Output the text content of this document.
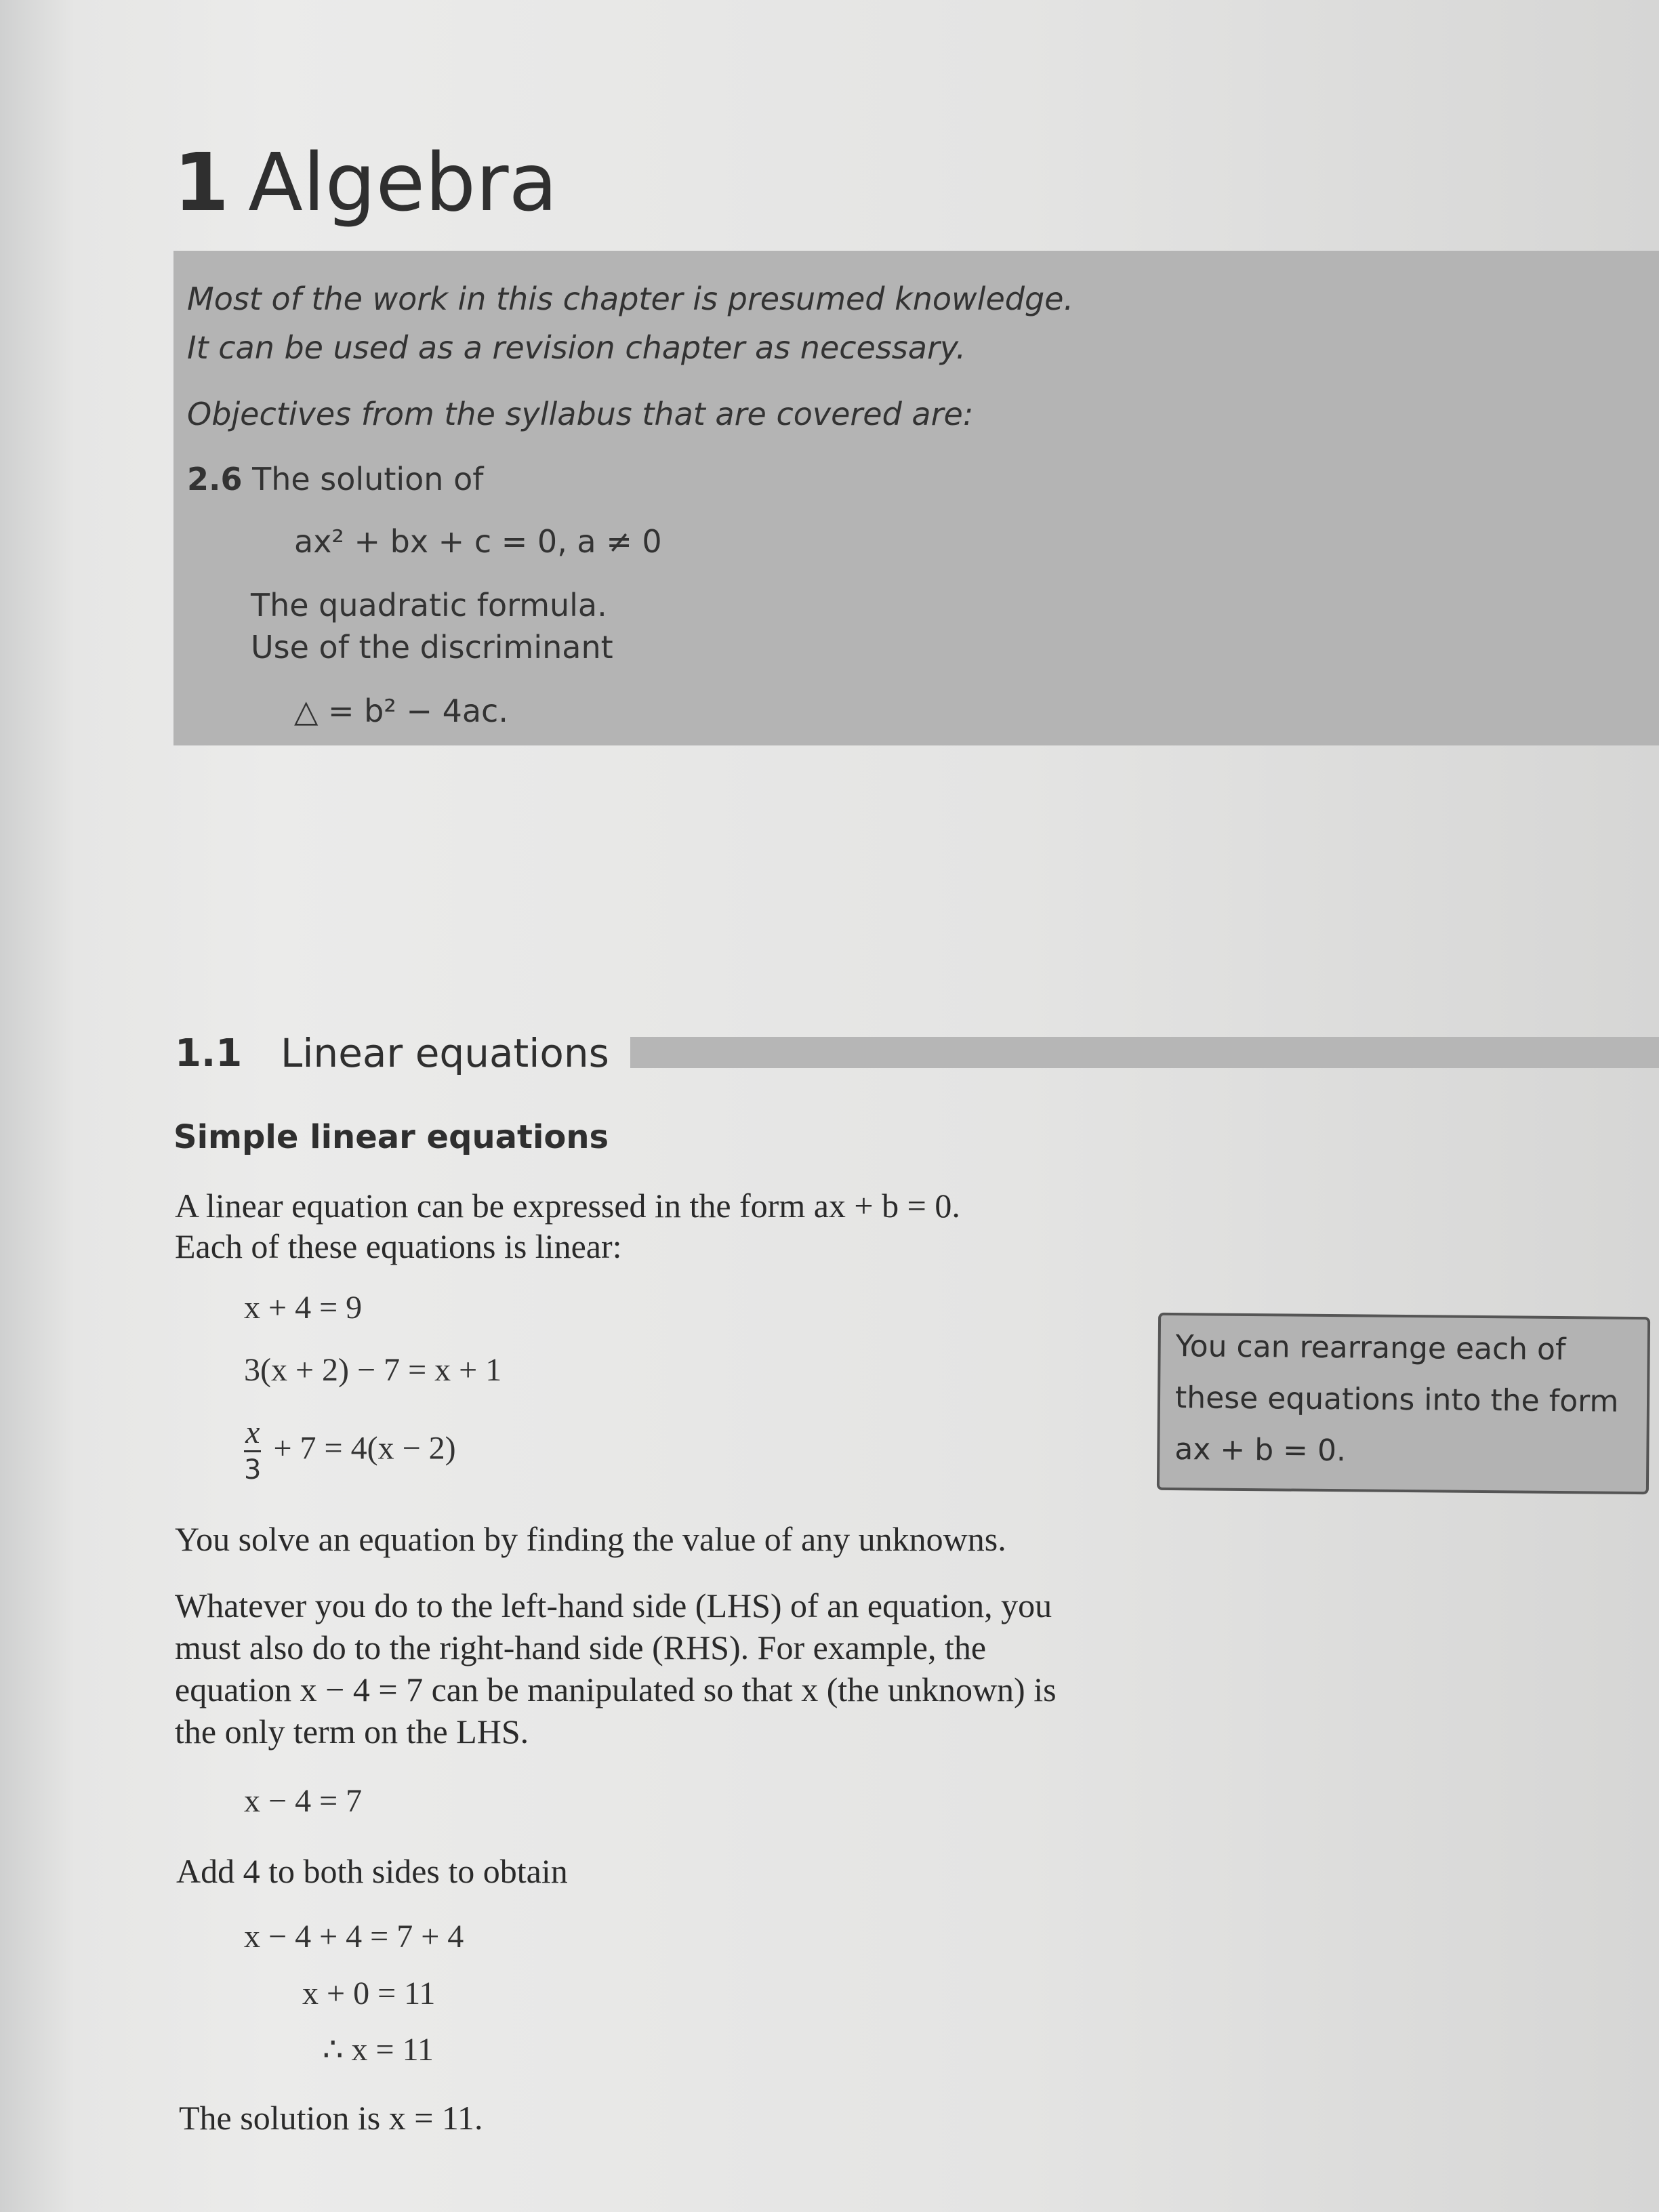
1 Algebra
Most of the work in this chapter is presumed knowledge.
It can be used as a revision chapter as necessary.
Objectives from the syllabus that are covered are:
2.6 The solution of
ax² + bx + c = 0, a ≠ 0
The quadratic formula.
Use of the discriminant
△ = b² − 4ac.
1.1 Linear equations
Simple linear equations
A linear equation can be expressed in the form ax + b = 0.
Each of these equations is linear:
x + 4 = 9
3(x + 2) − 7 = x + 1
$\frac{x}{3} + 7 = 4(x - 2)$
You solve an equation by finding the value of any unknowns.
Whatever you do to the left-hand side (LHS) of an equation, you
must also do to the right-hand side (RHS). For example, the
equation x − 4 = 7 can be manipulated so that x (the unknown) is
the only term on the LHS.
x − 4 = 7
Add 4 to both sides to obtain
x − 4 + 4 = 7 + 4
x + 0 = 11
∴ x = 11
The solution is x = 11.
You can rearrange each of
these equations into the form
ax + b = 0.
